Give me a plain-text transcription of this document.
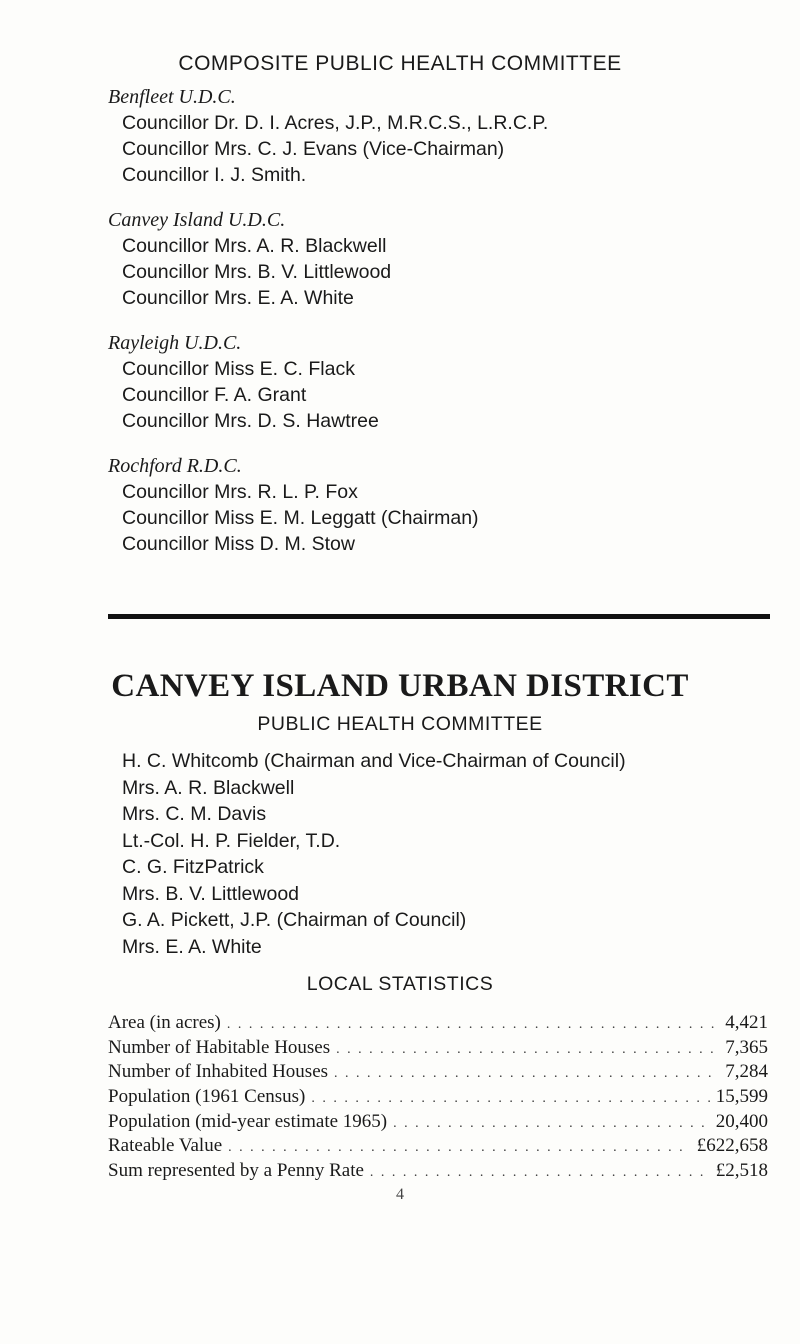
COMPOSITE PUBLIC HEALTH COMMITTEE
Benfleet U.D.C.
Councillor Dr. D. I. Acres, J.P., M.R.C.S., L.R.C.P.
Councillor Mrs. C. J. Evans (Vice-Chairman)
Councillor I. J. Smith.
Canvey Island U.D.C.
Councillor Mrs. A. R. Blackwell
Councillor Mrs. B. V. Littlewood
Councillor Mrs. E. A. White
Rayleigh U.D.C.
Councillor Miss E. C. Flack
Councillor F. A. Grant
Councillor Mrs. D. S. Hawtree
Rochford R.D.C.
Councillor Mrs. R. L. P. Fox
Councillor Miss E. M. Leggatt (Chairman)
Councillor Miss D. M. Stow
CANVEY ISLAND URBAN DISTRICT
PUBLIC HEALTH COMMITTEE
H. C. Whitcomb (Chairman and Vice-Chairman of Council)
Mrs. A. R. Blackwell
Mrs. C. M. Davis
Lt.-Col. H. P. Fielder, T.D.
C. G. FitzPatrick
Mrs. B. V. Littlewood
G. A. Pickett, J.P. (Chairman of Council)
Mrs. E. A. White
LOCAL STATISTICS
Area (in acres) . .	4,421
Number of Habitable Houses . .	7,365
Number of Inhabited Houses . .	7,284
Population (1961 Census) . .	15,599
Population (mid-year estimate 1965) . .	20,400
Rateable Value . .	£622,658
Sum represented by a Penny Rate . .	£2,518
4
